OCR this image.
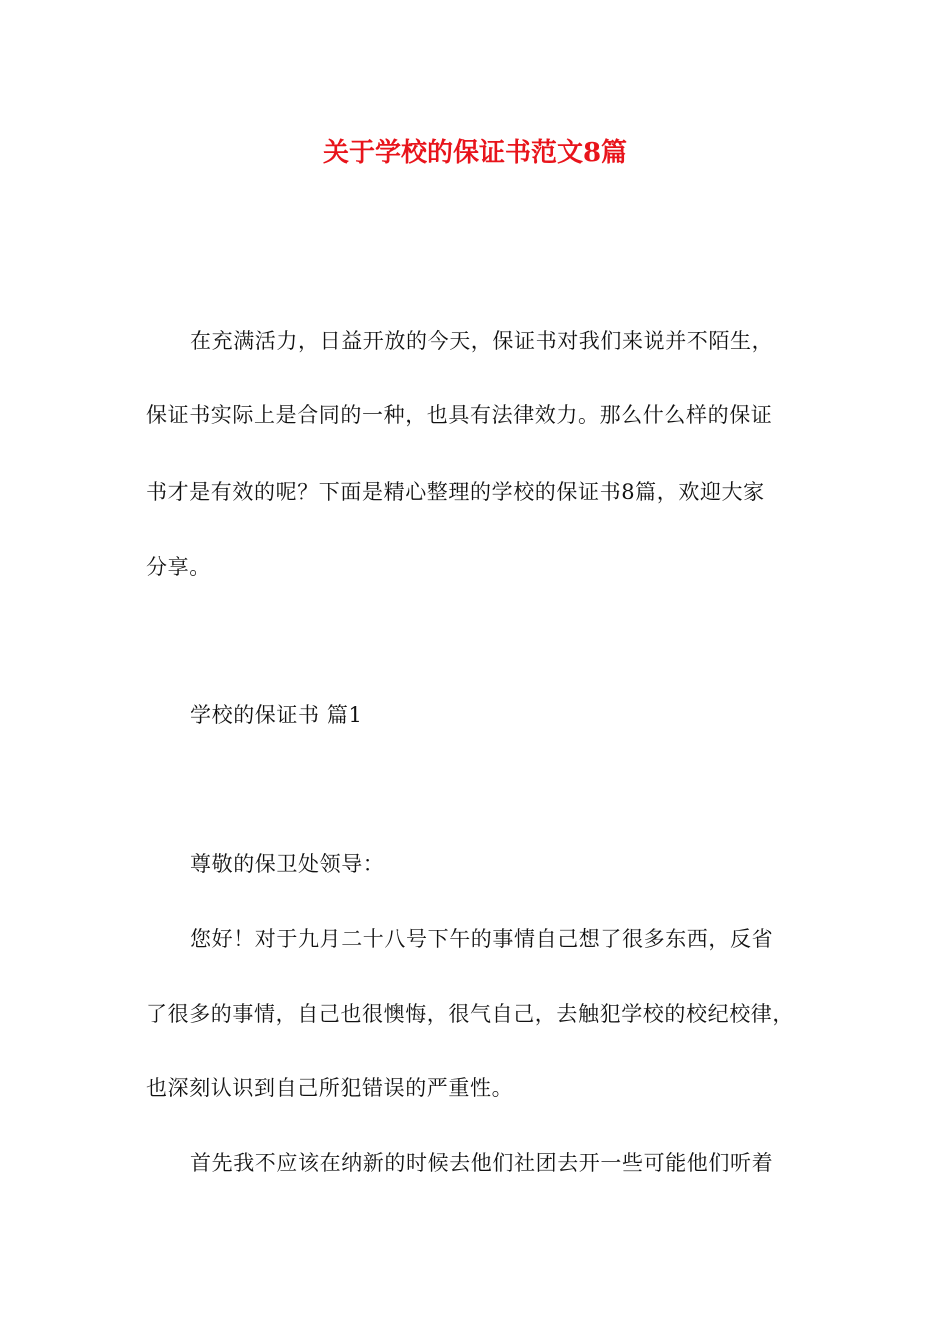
关于学校的保证书范文8篇
在充满活力，日益开放的今天，保证书对我们来说并不陌生，
保证书实际上是合同的一种，也具有法律效力。那么什么样的保证
书才是有效的呢？下面是精心整理的学校的保证书8篇，欢迎大家
分享。
学校的保证书 篇1
尊敬的保卫处领导：
您好！对于九月二十八号下午的事情自己想了很多东西，反省
了很多的事情，自己也很懊悔，很气自己，去触犯学校的校纪校律，
也深刻认识到自己所犯错误的严重性。
首先我不应该在纳新的时候去他们社团去开一些可能他们听着
